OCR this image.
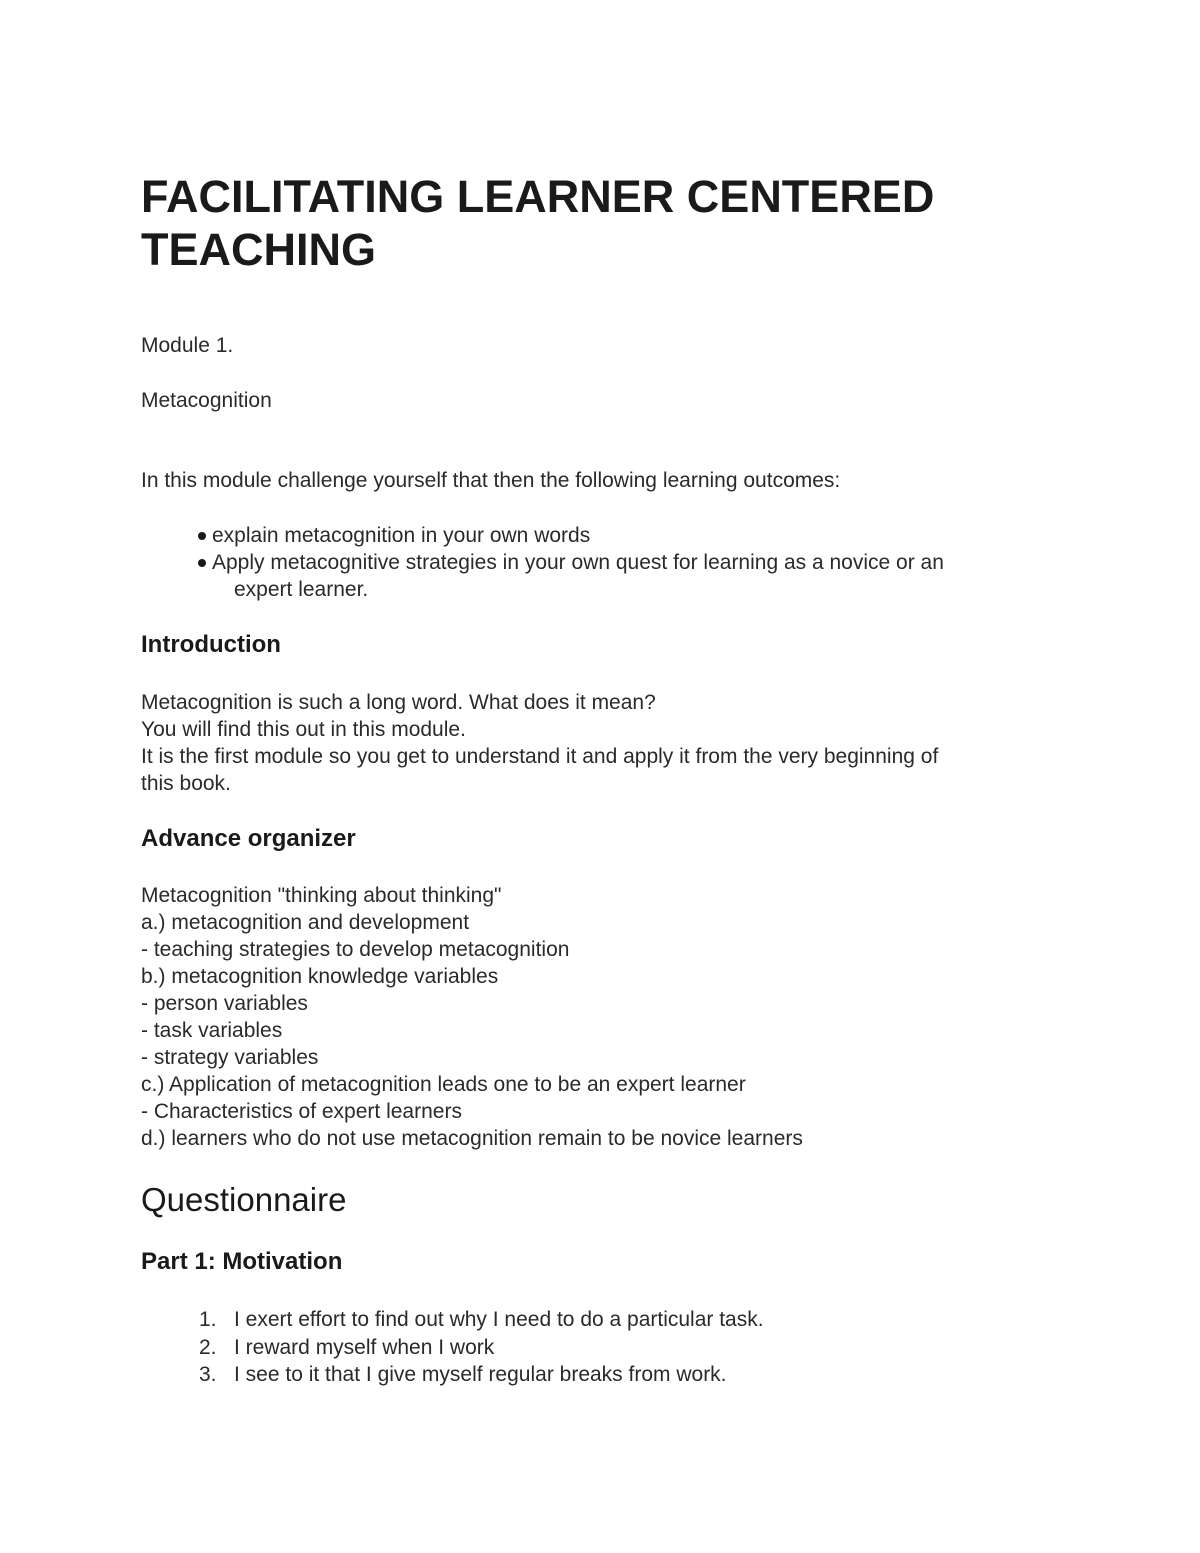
FACILITATING LEARNER CENTERED TEACHING

Module 1.

Metacognition

In this module challenge yourself that then the following learning outcomes:

explain metacognition in your own words
Apply metacognitive strategies in your own quest for learning as a novice or an
expert learner.
Introduction
Metacognition is such a long word. What does it mean?
You will find this out in this module.
It is the first module so you get to understand it and apply it from the very beginning of
this book.
Advance organizer
Metacognition "thinking about thinking"
a.) metacognition and development
- teaching strategies to develop metacognition
b.) metacognition knowledge variables
- person variables
- task variables
- strategy variables
c.) Application of metacognition leads one to be an expert learner
- Characteristics of expert learners
d.) learners who do not use metacognition remain to be novice learners
Questionnaire
Part 1: Motivation
1. I exert effort to find out why I need to do a particular task.
2. I reward myself when I work
3. I see to it that I give myself regular breaks from work.
